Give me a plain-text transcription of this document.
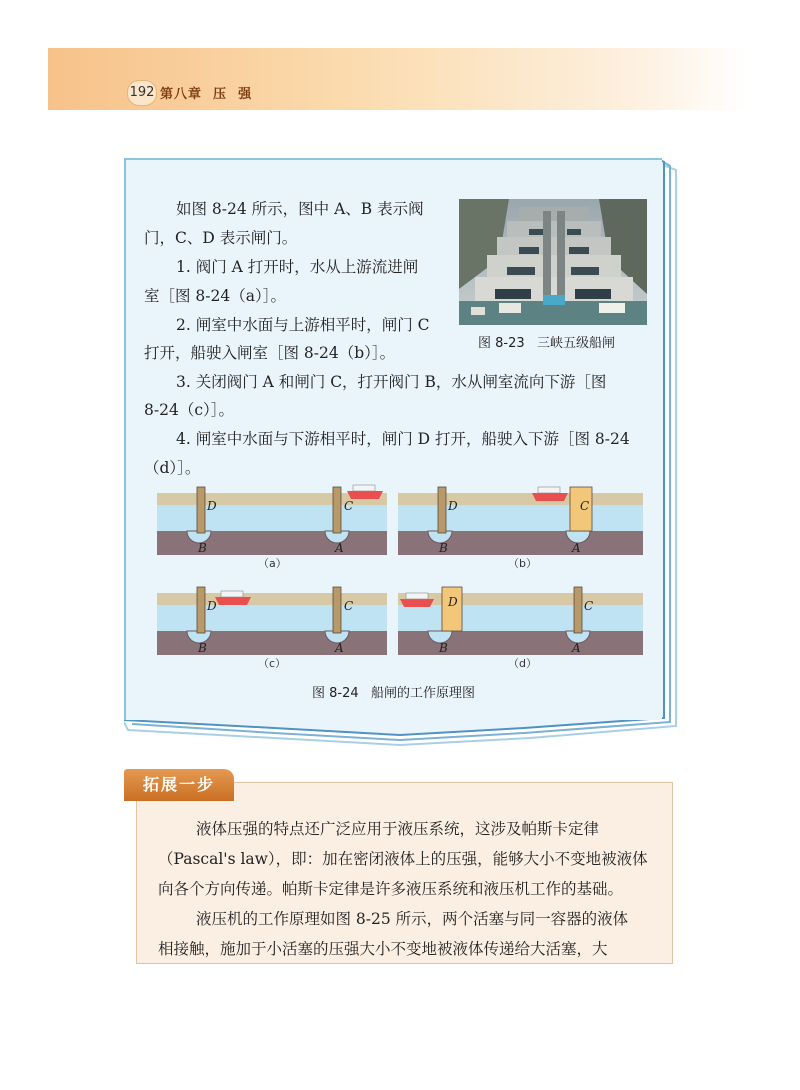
192 第八章  压  强
如图 8-24 所示，图中 A、B 表示阀
门，C、D 表示闸门。
1. 阀门 A 打开时，水从上游流进闸
室［图 8-24（a）］。
2. 闸室中水面与上游相平时，闸门 C
打开，船驶入闸室［图 8-24（b）］。
3. 关闭阀门 A 和闸门 C，打开阀门 B，水从闸室流向下游［图
8-24（c）］。
4. 闸室中水面与下游相平时，闸门 D 打开，船驶入下游［图 8-24
（d）］。
图 8-23   三峡五级船闸
D	C
B	A
（a）
D	C
B	A
（b）
D	C
B	A
（c）
D	C
B	A
（d）
图 8-24   船闸的工作原理图
拓展一步
液体压强的特点还广泛应用于液压系统，这涉及帕斯卡定律
（Pascal's law），即：加在密闭液体上的压强，能够大小不变地被液体
向各个方向传递。帕斯卡定律是许多液压系统和液压机工作的基础。
液压机的工作原理如图 8-25 所示，两个活塞与同一容器的液体
相接触，施加于小活塞的压强大小不变地被液体传递给大活塞，大
